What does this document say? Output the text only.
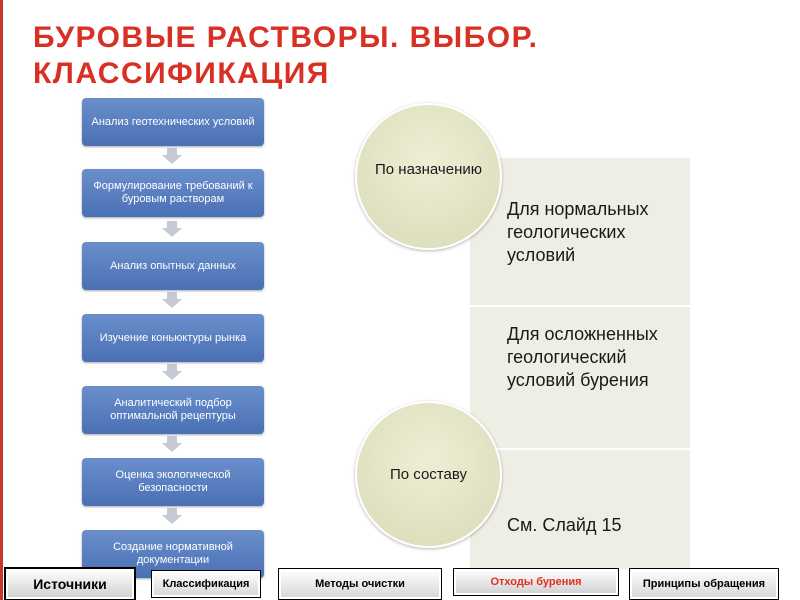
БУРОВЫЕ РАСТВОРЫ. ВЫБОР. КЛАССИФИКАЦИЯ
Анализ геотехнических условий
Формулирование требований к буровым растворам
Анализ опытных данных
Изучение коньюктуры рынка
Аналитический подбор оптимальной рецептуры
Оценка экологической безопасности
Создание нормативной документации
Для нормальных геологических условий
Для осложненных геологический условий бурения
См. Слайд 15
По назначению
По составу
Источники	Классификация	Методы очистки	Отходы бурения	Принципы обращения
